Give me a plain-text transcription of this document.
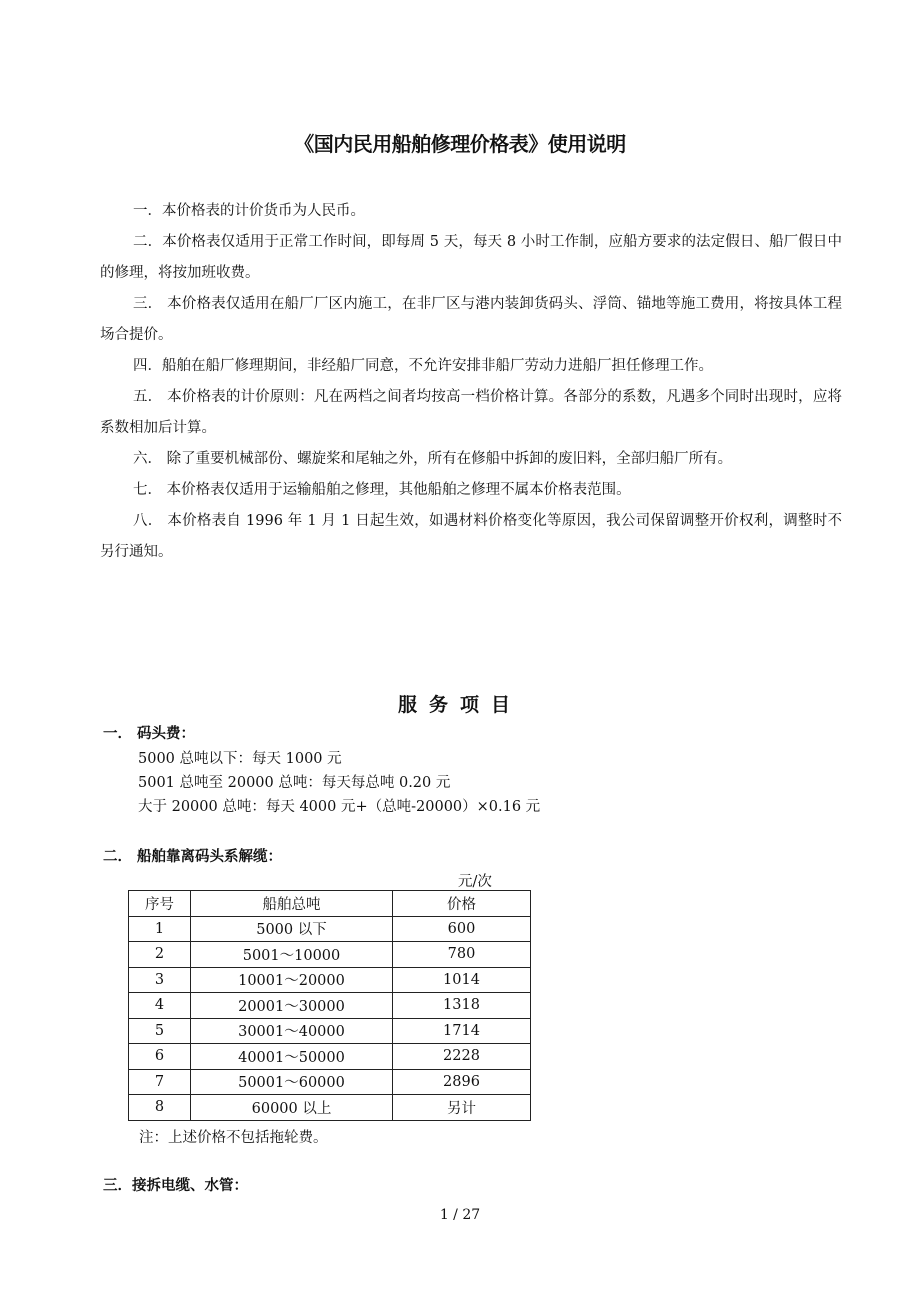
《国内民用船舶修理价格表》使用说明

一．本价格表的计价货币为人民币。

二．本价格表仅适用于正常工作时间，即每周 5 天，每天 8 小时工作制，应船方要求的法定假日、船厂假日中的修理，将按加班收费。

三． 本价格表仅适用在船厂厂区内施工，在非厂区与港内装卸货码头、浮筒、锚地等施工费用，将按具体工程场合提价。

四．船舶在船厂修理期间，非经船厂同意，不允许安排非船厂劳动力进船厂担任修理工作。

五． 本价格表的计价原则：凡在两档之间者均按高一档价格计算。各部分的系数，凡遇多个同时出现时，应将系数相加后计算。

六． 除了重要机械部份、螺旋桨和尾轴之外，所有在修船中拆卸的废旧料，全部归船厂所有。

七． 本价格表仅适用于运输船舶之修理，其他船舶之修理不属本价格表范围。

八． 本价格表自 1996 年 1 月 1 日起生效，如遇材料价格变化等原因，我公司保留调整开价权利，调整时不另行通知。

服务项目
一． 码头费：
5000 总吨以下：每天 1000 元
5001 总吨至 20000 总吨：每天每总吨 0.20 元
大于 20000 总吨：每天 4000 元+（总吨-20000）×0.16 元
二． 船舶靠离码头系解缆：
元/次
序号	船舶总吨	价格
1	5000 以下	600
2	5001～10000	780
3	10001～20000	1014
4	20001～30000	1318
5	30001～40000	1714
6	40001～50000	2228
7	50001～60000	2896
8	60000 以上	另计
注：上述价格不包括拖轮费。
三．接拆电缆、水管：
1 / 27
